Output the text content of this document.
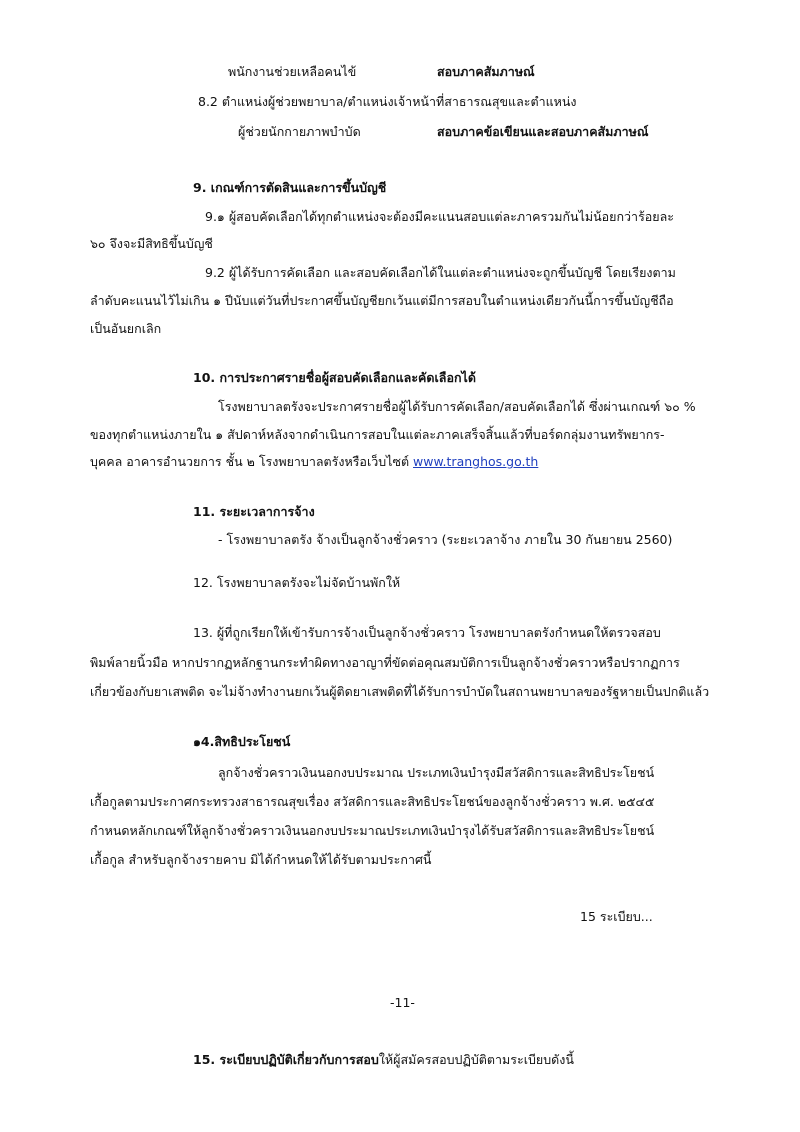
พนักงานช่วยเหลือคนไข้	สอบภาคสัมภาษณ์
8.2 ตำแหน่งผู้ช่วยพยาบาล/ตำแหน่งเจ้าหน้าที่สาธารณสุขและตำแหน่ง
ผู้ช่วยนักกายภาพบำบัด	สอบภาคข้อเขียนและสอบภาคสัมภาษณ์
9. เกณฑ์การตัดสินและการขึ้นบัญชี
9.๑ ผู้สอบคัดเลือกได้ทุกตำแหน่งจะต้องมีคะแนนสอบแต่ละภาครวมกันไม่น้อยกว่าร้อยละ
๖๐ จึงจะมีสิทธิขึ้นบัญชี
9.2 ผู้ได้รับการคัดเลือก และสอบคัดเลือกได้ในแต่ละตำแหน่งจะถูกขึ้นบัญชี โดยเรียงตาม
ลำดับคะแนนไว้ไม่เกิน ๑ ปีนับแต่วันที่ประกาศขึ้นบัญชียกเว้นแต่มีการสอบในตำแหน่งเดียวกันนี้การขึ้นบัญชีถือ
เป็นอันยกเลิก
10. การประกาศรายชื่อผู้สอบคัดเลือกและคัดเลือกได้
โรงพยาบาลตรังจะประกาศรายชื่อผู้ได้รับการคัดเลือก/สอบคัดเลือกได้ ซึ่งผ่านเกณฑ์ ๖๐ %
ของทุกตำแหน่งภายใน ๑ สัปดาห์หลังจากดำเนินการสอบในแต่ละภาคเสร็จสิ้นแล้วที่บอร์ดกลุ่มงานทรัพยากร-
บุคคล อาคารอำนวยการ ชั้น ๒ โรงพยาบาลตรังหรือเว็บไซต์ www.tranghos.go.th
11. ระยะเวลาการจ้าง
- โรงพยาบาลตรัง จ้างเป็นลูกจ้างชั่วคราว (ระยะเวลาจ้าง ภายใน 30 กันยายน 2560)
12. โรงพยาบาลตรังจะไม่จัดบ้านพักให้
13. ผู้ที่ถูกเรียกให้เข้ารับการจ้างเป็นลูกจ้างชั่วคราว โรงพยาบาลตรังกำหนดให้ตรวจสอบ
พิมพ์ลายนิ้วมือ หากปรากฏหลักฐานกระทำผิดทางอาญาที่ขัดต่อคุณสมบัติการเป็นลูกจ้างชั่วคราวหรือปรากฏการ
เกี่ยวข้องกับยาเสพติด จะไม่จ้างทำงานยกเว้นผู้ติดยาเสพติดที่ได้รับการบำบัดในสถานพยาบาลของรัฐหายเป็นปกติแล้ว
๑4.สิทธิประโยชน์
ลูกจ้างชั่วคราวเงินนอกงบประมาณ ประเภทเงินบำรุงมีสวัสดิการและสิทธิประโยชน์
เกื้อกูลตามประกาศกระทรวงสาธารณสุขเรื่อง สวัสดิการและสิทธิประโยชน์ของลูกจ้างชั่วคราว พ.ศ. ๒๕๔๕
กำหนดหลักเกณฑ์ให้ลูกจ้างชั่วคราวเงินนอกงบประมาณประเภทเงินบำรุงได้รับสวัสดิการและสิทธิประโยชน์
เกื้อกูล สำหรับลูกจ้างรายคาบ มิได้กำหนดให้ได้รับตามประกาศนี้
15 ระเบียบ...
-11-
15. ระเบียบปฏิบัติเกี่ยวกับการสอบให้ผู้สมัครสอบปฏิบัติตามระเบียบดังนี้
